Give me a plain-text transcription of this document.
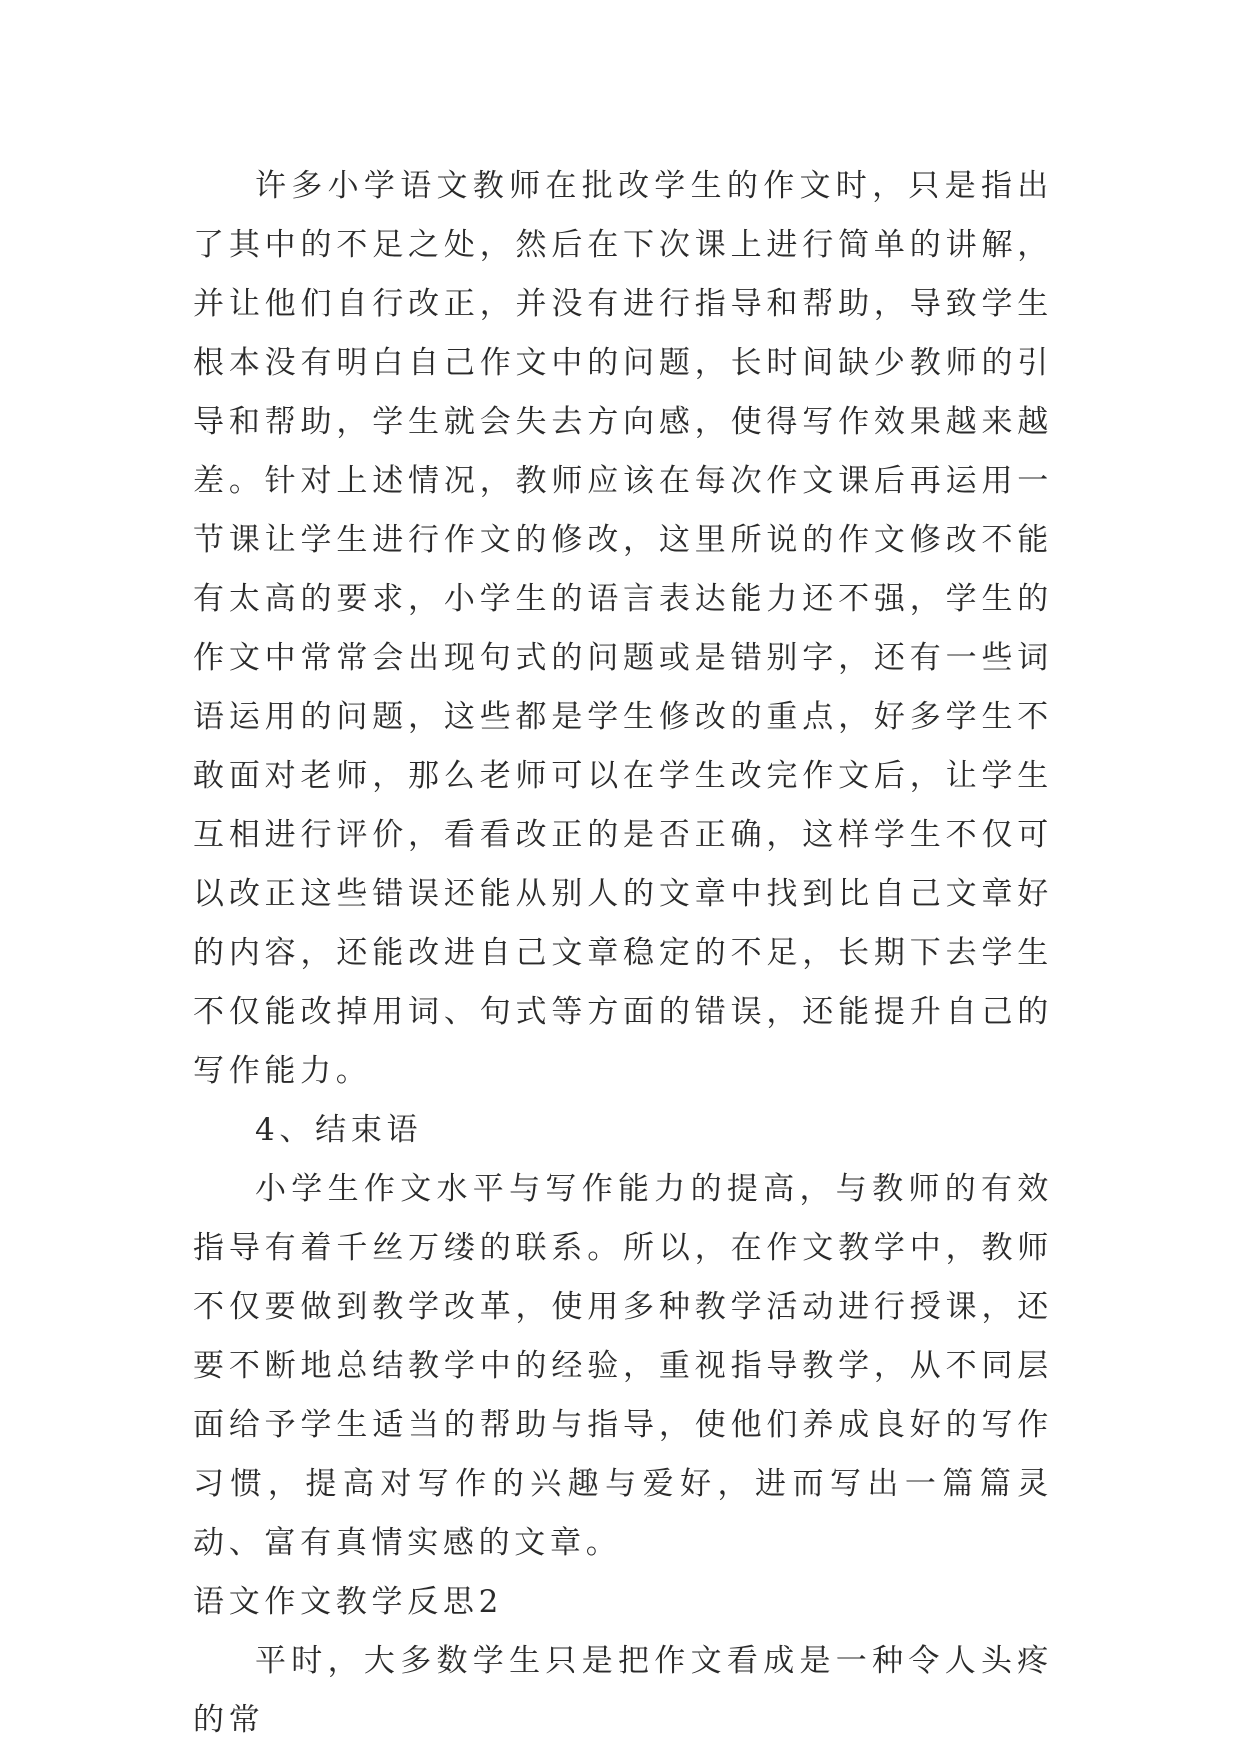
许多小学语文教师在批改学生的作文时，只是指出了其中的不足之处，然后在下次课上进行简单的讲解，并让他们自行改正，并没有进行指导和帮助，导致学生根本没有明白自己作文中的问题，长时间缺少教师的引导和帮助，学生就会失去方向感，使得写作效果越来越差。针对上述情况，教师应该在每次作文课后再运用一节课让学生进行作文的修改，这里所说的作文修改不能有太高的要求，小学生的语言表达能力还不强，学生的作文中常常会出现句式的问题或是错别字，还有一些词语运用的问题，这些都是学生修改的重点，好多学生不敢面对老师，那么老师可以在学生改完作文后，让学生互相进行评价，看看改正的是否正确，这样学生不仅可以改正这些错误还能从别人的文章中找到比自己文章好的内容，还能改进自己文章稳定的不足，长期下去学生不仅能改掉用词、句式等方面的错误，还能提升自己的写作能力。

4、结束语

小学生作文水平与写作能力的提高，与教师的有效指导有着千丝万缕的联系。所以，在作文教学中，教师不仅要做到教学改革，使用多种教学活动进行授课，还要不断地总结教学中的经验，重视指导教学，从不同层面给予学生适当的帮助与指导，使他们养成良好的写作习惯，提高对写作的兴趣与爱好，进而写出一篇篇灵动、富有真情实感的文章。

语文作文教学反思2

平时，大多数学生只是把作文看成是一种令人头疼的常
